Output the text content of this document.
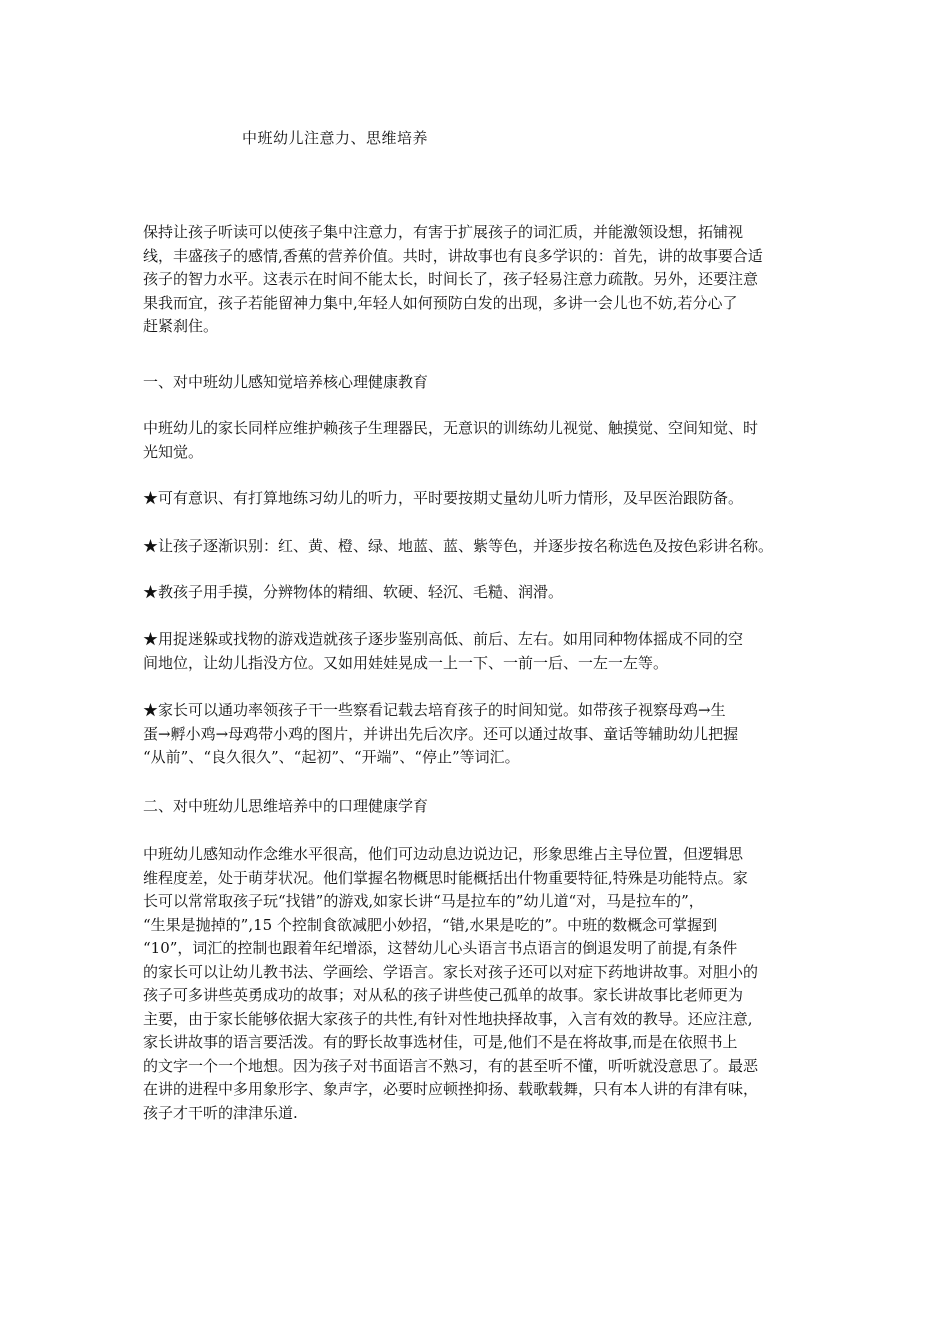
中班幼儿注意力、思维培养

保持让孩子听读可以使孩子集中注意力，有害于扩展孩子的词汇质，并能激领设想，拓铺视

线，丰盛孩子的感情,香蕉的营养价值。共时，讲故事也有良多学识的：首先，讲的故事要合适

孩子的智力水平。这表示在时间不能太长，时间长了，孩子轻易注意力疏散。另外，还要注意

果我而宜，孩子若能留神力集中,年轻人如何预防白发的出现，多讲一会儿也不妨,若分心了

赶紧刹住。

一、对中班幼儿感知觉培养核心理健康教育

中班幼儿的家长同样应维护赖孩子生理器民，无意识的训练幼儿视觉、触摸觉、空间知觉、时

光知觉。

★可有意识、有打算地练习幼儿的听力，平时要按期丈量幼儿听力情形，及早医治跟防备。

★让孩子逐渐识别：红、黄、橙、绿、地蓝、蓝、紫等色，并逐步按名称选色及按色彩讲名称。

★教孩子用手摸，分辨物体的精细、软硬、轻沉、毛糙、润滑。

★用捉迷躲或找物的游戏造就孩子逐步鉴别高低、前后、左右。如用同种物体摇成不同的空

间地位，让幼儿指没方位。又如用娃娃晃成一上一下、一前一后、一左一左等。

★家长可以通功率领孩子干一些察看记载去培育孩子的时间知觉。如带孩子视察母鸡→生

蛋→孵小鸡→母鸡带小鸡的图片，并讲出先后次序。还可以通过故事、童话等辅助幼儿把握

“从前”、“良久很久”、“起初”、“开端”、“停止”等词汇。

二、对中班幼儿思维培养中的口理健康学育

中班幼儿感知动作念维水平很高，他们可边动息边说边记，形象思维占主导位置，但逻辑思

维程度差，处于萌芽状况。他们掌握名物概思时能概括出什物重要特征,特殊是功能特点。家

长可以常常取孩子玩“找错”的游戏,如家长讲“马是拉车的”幼儿道“对，马是拉车的”，

“生果是抛掉的”,15 个控制食欲减肥小妙招，“错,水果是吃的”。中班的数概念可掌握到

“10”，词汇的控制也跟着年纪增添，这替幼儿心头语言书点语言的倒退发明了前提,有条件

的家长可以让幼儿教书法、学画绘、学语言。家长对孩子还可以对症下药地讲故事。对胆小的

孩子可多讲些英勇成功的故事；对从私的孩子讲些使己孤单的故事。家长讲故事比老师更为

主要，由于家长能够依据大家孩子的共性,有针对性地抉择故事，入言有效的教导。还应注意,

家长讲故事的语言要活泼。有的野长故事选材佳，可是,他们不是在将故事,而是在依照书上

的文字一个一个地想。因为孩子对书面语言不熟习，有的甚至听不懂，听听就没意思了。最恶

在讲的进程中多用象形字、象声字，必要时应顿挫抑扬、载歌载舞，只有本人讲的有津有味，

孩子才干听的津津乐道.
